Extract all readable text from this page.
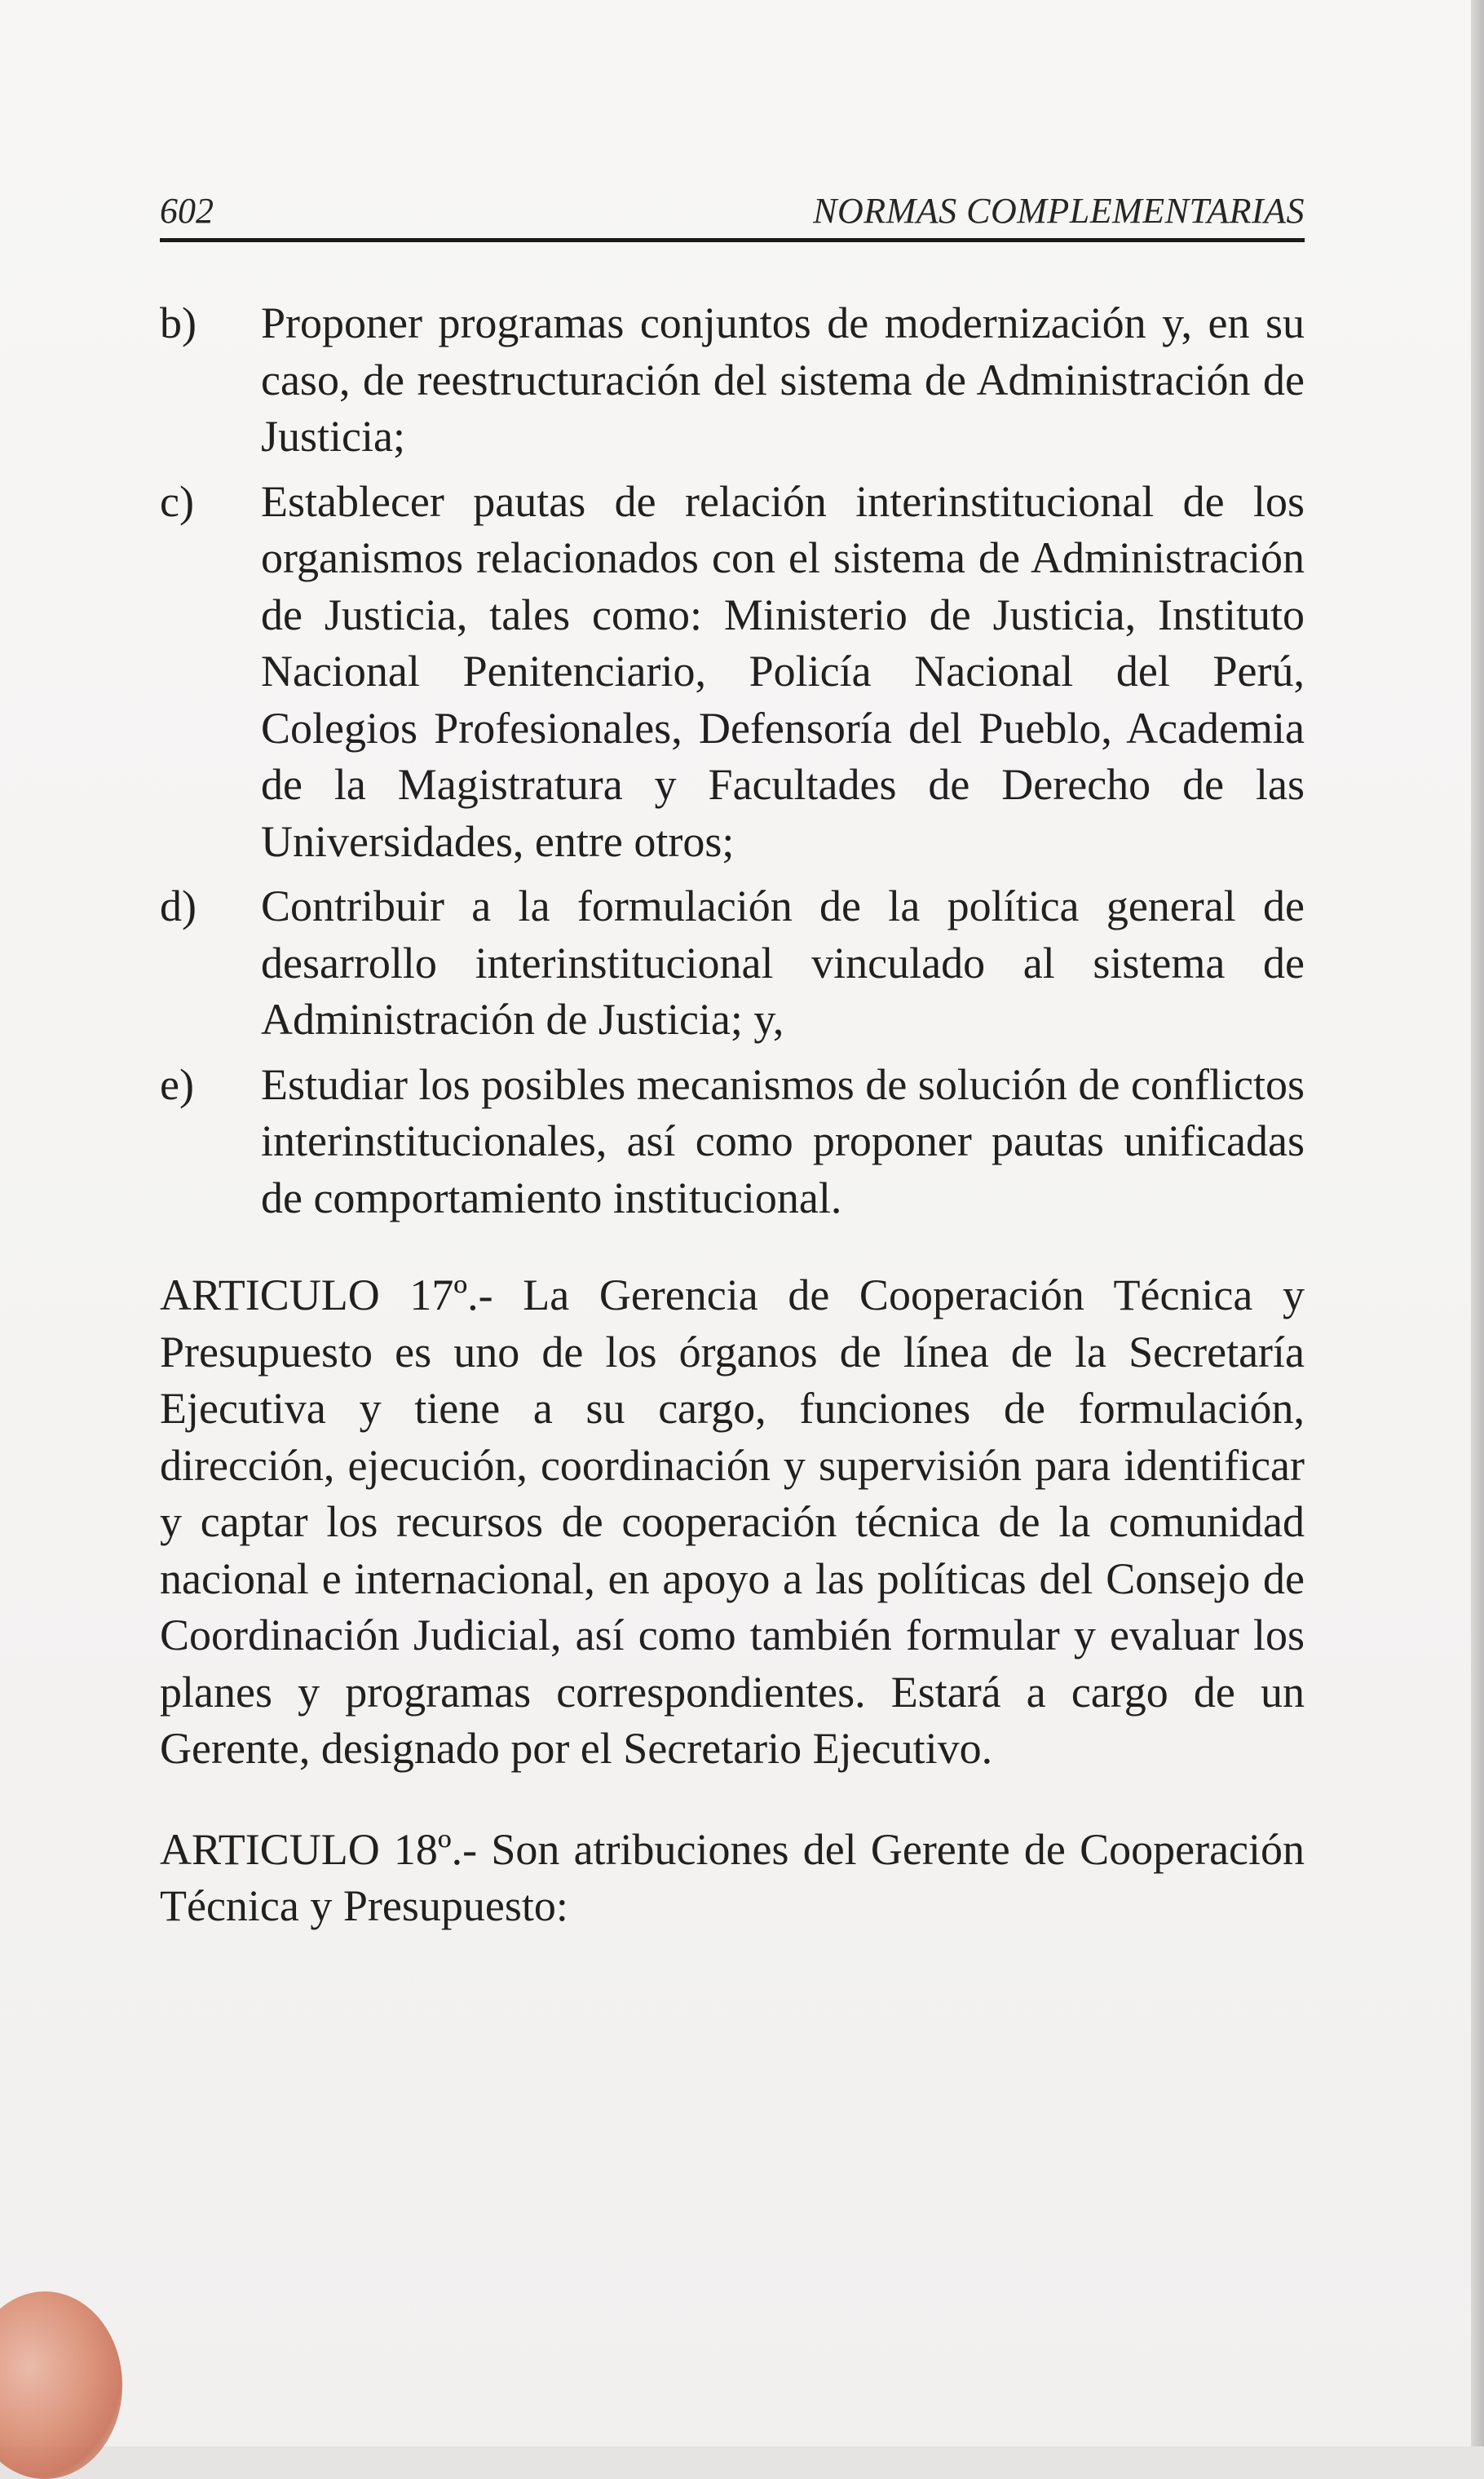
602	NORMAS COMPLEMENTARIAS
b)	Proponer programas conjuntos de modernización y, en su caso, de reestructuración del sistema de Administración de Justicia;
c)	Establecer pautas de relación interinstitucional de los organismos relacionados con el sistema de Administración de Justicia, tales como: Ministerio de Justicia, Instituto Nacional Penitenciario, Policía Nacional del Perú, Colegios Profesionales, Defensoría del Pueblo, Academia de la Magistratura y Facultades de Derecho de las Universidades, entre otros;
d)	Contribuir a la formulación de la política general de desarrollo interinstitucional vinculado al sistema de Administración de Justicia; y,
e)	Estudiar los posibles mecanismos de solución de conflictos interinstitucionales, así como proponer pautas unificadas de comportamiento institucional.

ARTICULO 17º.- La Gerencia de Cooperación Técnica y Presupuesto es uno de los órganos de línea de la Secretaría Ejecutiva y tiene a su cargo, funciones de formulación, dirección, ejecución, coordinación y supervisión para identificar y captar los recursos de cooperación técnica de la comunidad nacional e internacional, en apoyo a las políticas del Consejo de Coordinación Judicial, así como también formular y evaluar los planes y programas correspondientes. Estará a cargo de un Gerente, designado por el Secretario Ejecutivo.

ARTICULO 18º.- Son atribuciones del Gerente de Cooperación Técnica y Presupuesto:
